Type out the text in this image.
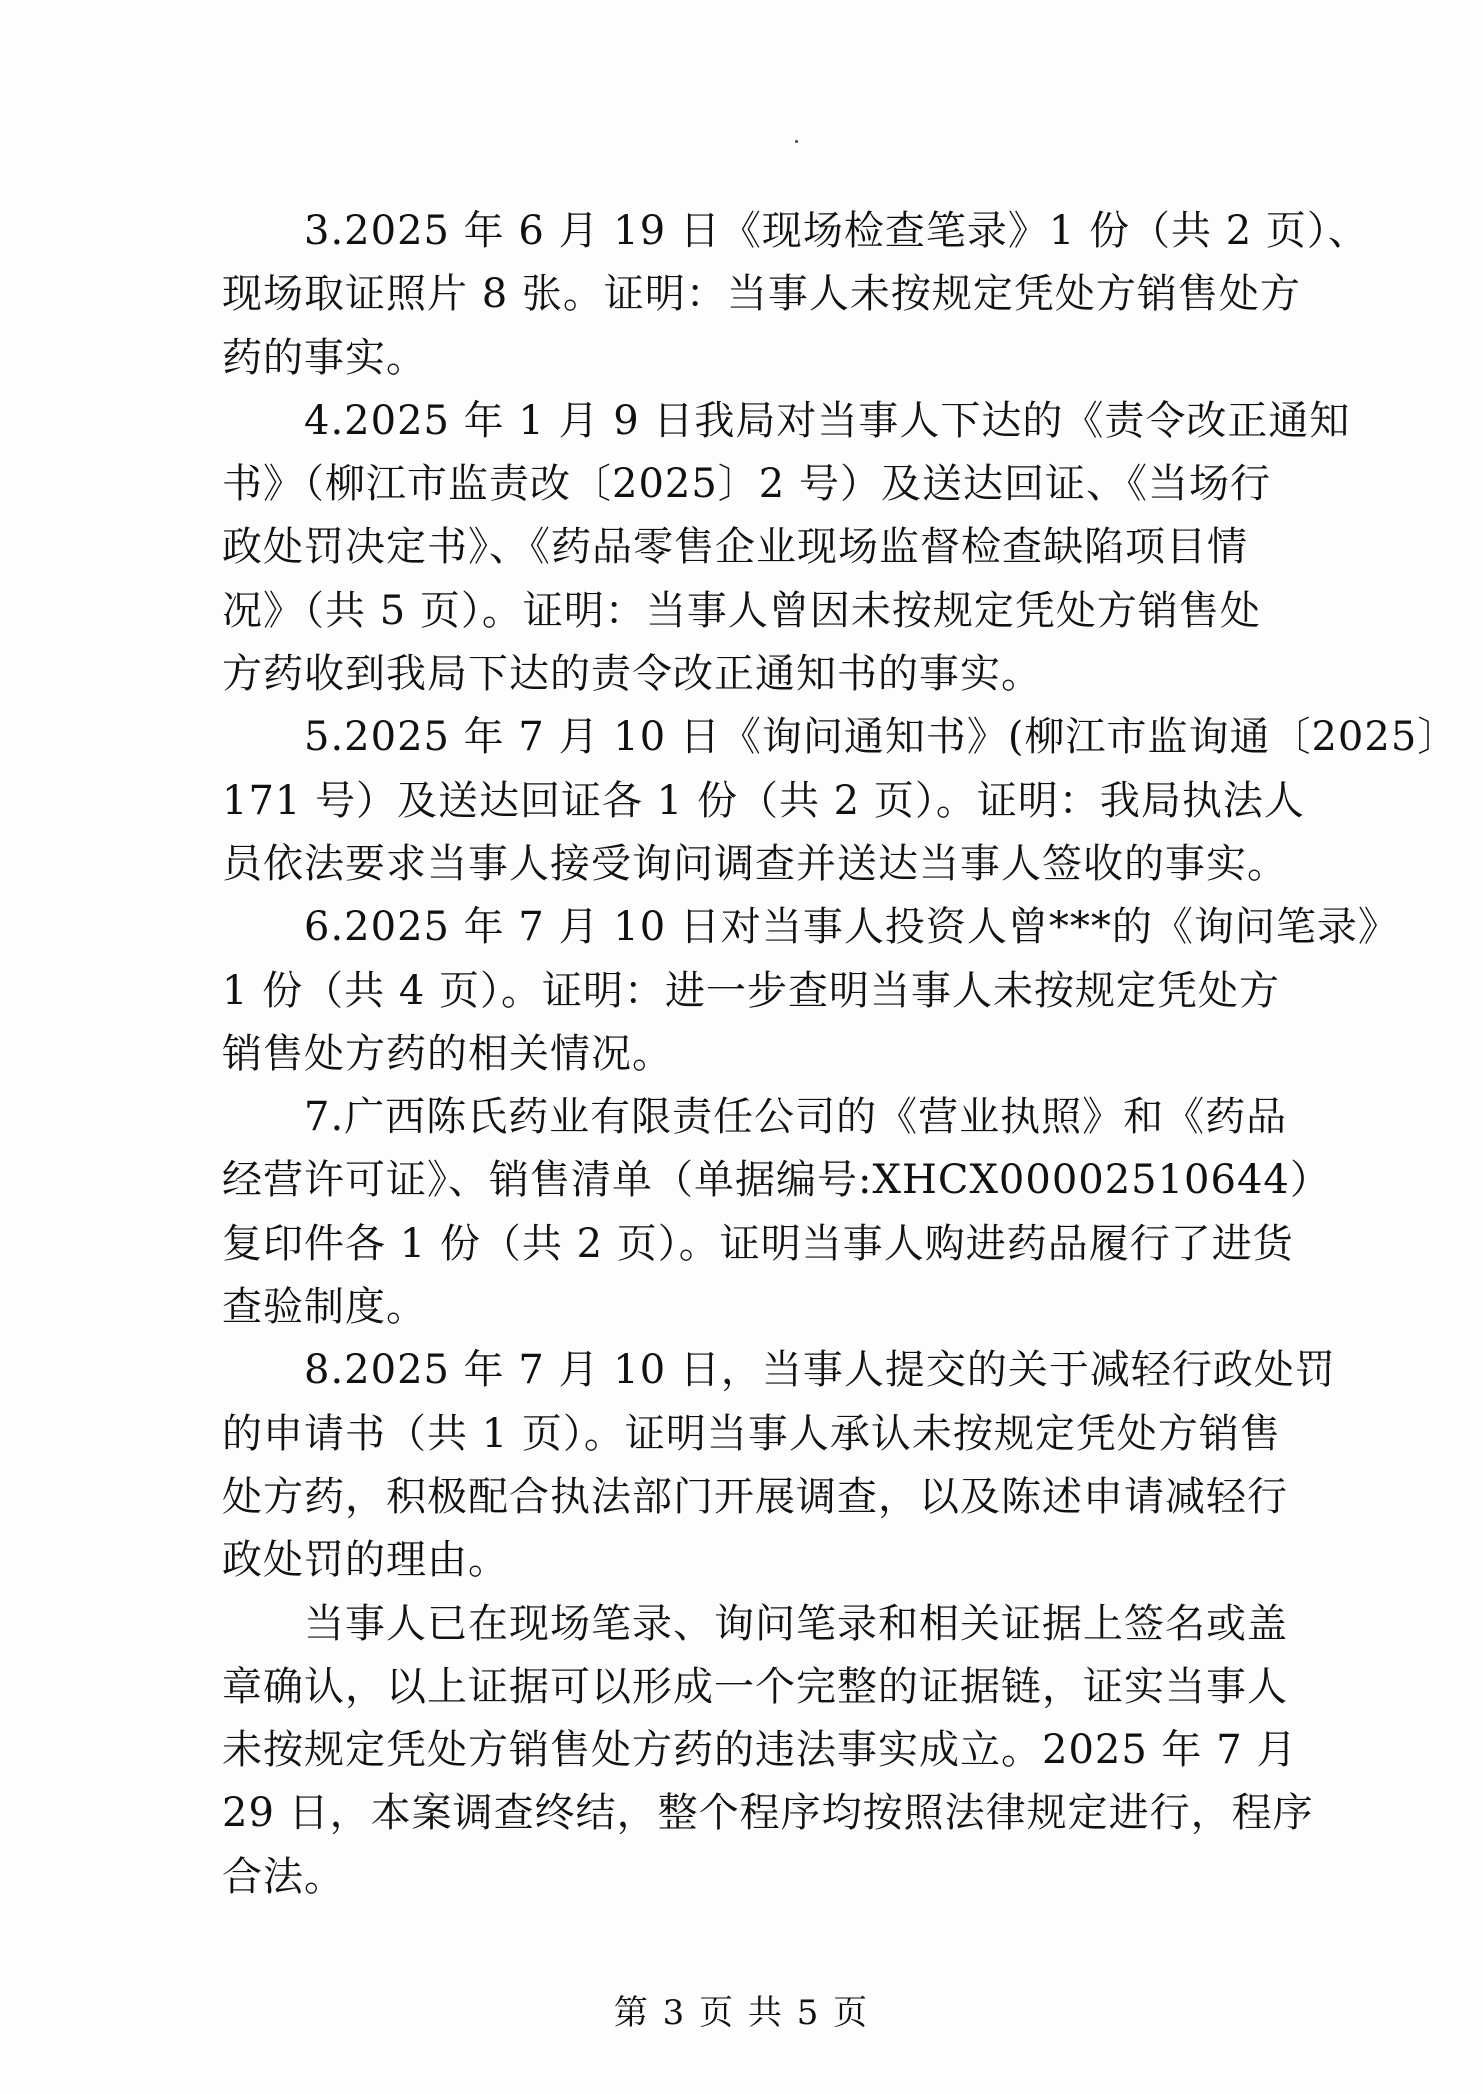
3.2025 年 6 月 19 日《现场检查笔录》1 份（共 2 页）、
现场取证照片 8 张。证明：当事人未按规定凭处方销售处方
药的事实。
4.2025 年 1 月 9 日我局对当事人下达的《责令改正通知
书》（柳江市监责改〔2025〕2 号）及送达回证、《当场行
政处罚决定书》、《药品零售企业现场监督检查缺陷项目情
况》（共 5 页）。证明：当事人曾因未按规定凭处方销售处
方药收到我局下达的责令改正通知书的事实。
5.2025 年 7 月 10 日《询问通知书》(柳江市监询通〔2025〕
171 号）及送达回证各 1 份（共 2 页）。证明：我局执法人
员依法要求当事人接受询问调查并送达当事人签收的事实。
6.2025 年 7 月 10 日对当事人投资人曾***的《询问笔录》
1 份（共 4 页）。证明：进一步查明当事人未按规定凭处方
销售处方药的相关情况。
7.广西陈氏药业有限责任公司的《营业执照》和《药品
经营许可证》、销售清单（单据编号:XHCX00002510644）
复印件各 1 份（共 2 页）。证明当事人购进药品履行了进货
查验制度。
8.2025 年 7 月 10 日，当事人提交的关于减轻行政处罚
的申请书（共 1 页）。证明当事人承认未按规定凭处方销售
处方药，积极配合执法部门开展调查，以及陈述申请减轻行
政处罚的理由。
当事人已在现场笔录、询问笔录和相关证据上签名或盖
章确认，以上证据可以形成一个完整的证据链，证实当事人
未按规定凭处方销售处方药的违法事实成立。2025 年 7 月
29 日，本案调查终结，整个程序均按照法律规定进行，程序
合法。
第 3 页 共 5 页
